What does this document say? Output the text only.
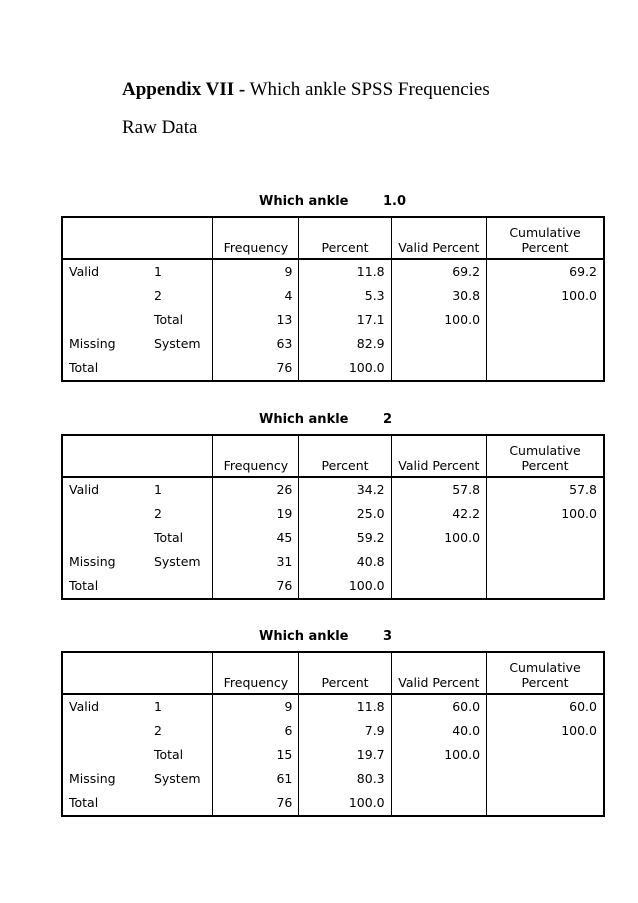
Appendix VII - Which ankle SPSS Frequencies
Raw Data
Which ankle	1.0
		Frequency	Percent	Valid Percent	Cumulative
Percent

Valid	1	9	11.8	69.2	69.2
	2	4	5.3	30.8	100.0
	Total	13	17.1	100.0	
Missing	System	63	82.9		
Total		76	100.0		
Which ankle	2
		Frequency	Percent	Valid Percent	Cumulative
Percent

Valid	1	26	34.2	57.8	57.8
	2	19	25.0	42.2	100.0
	Total	45	59.2	100.0	
Missing	System	31	40.8		
Total		76	100.0		
Which ankle	3
		Frequency	Percent	Valid Percent	Cumulative
Percent

Valid	1	9	11.8	60.0	60.0
	2	6	7.9	40.0	100.0
	Total	15	19.7	100.0	
Missing	System	61	80.3		
Total		76	100.0		
